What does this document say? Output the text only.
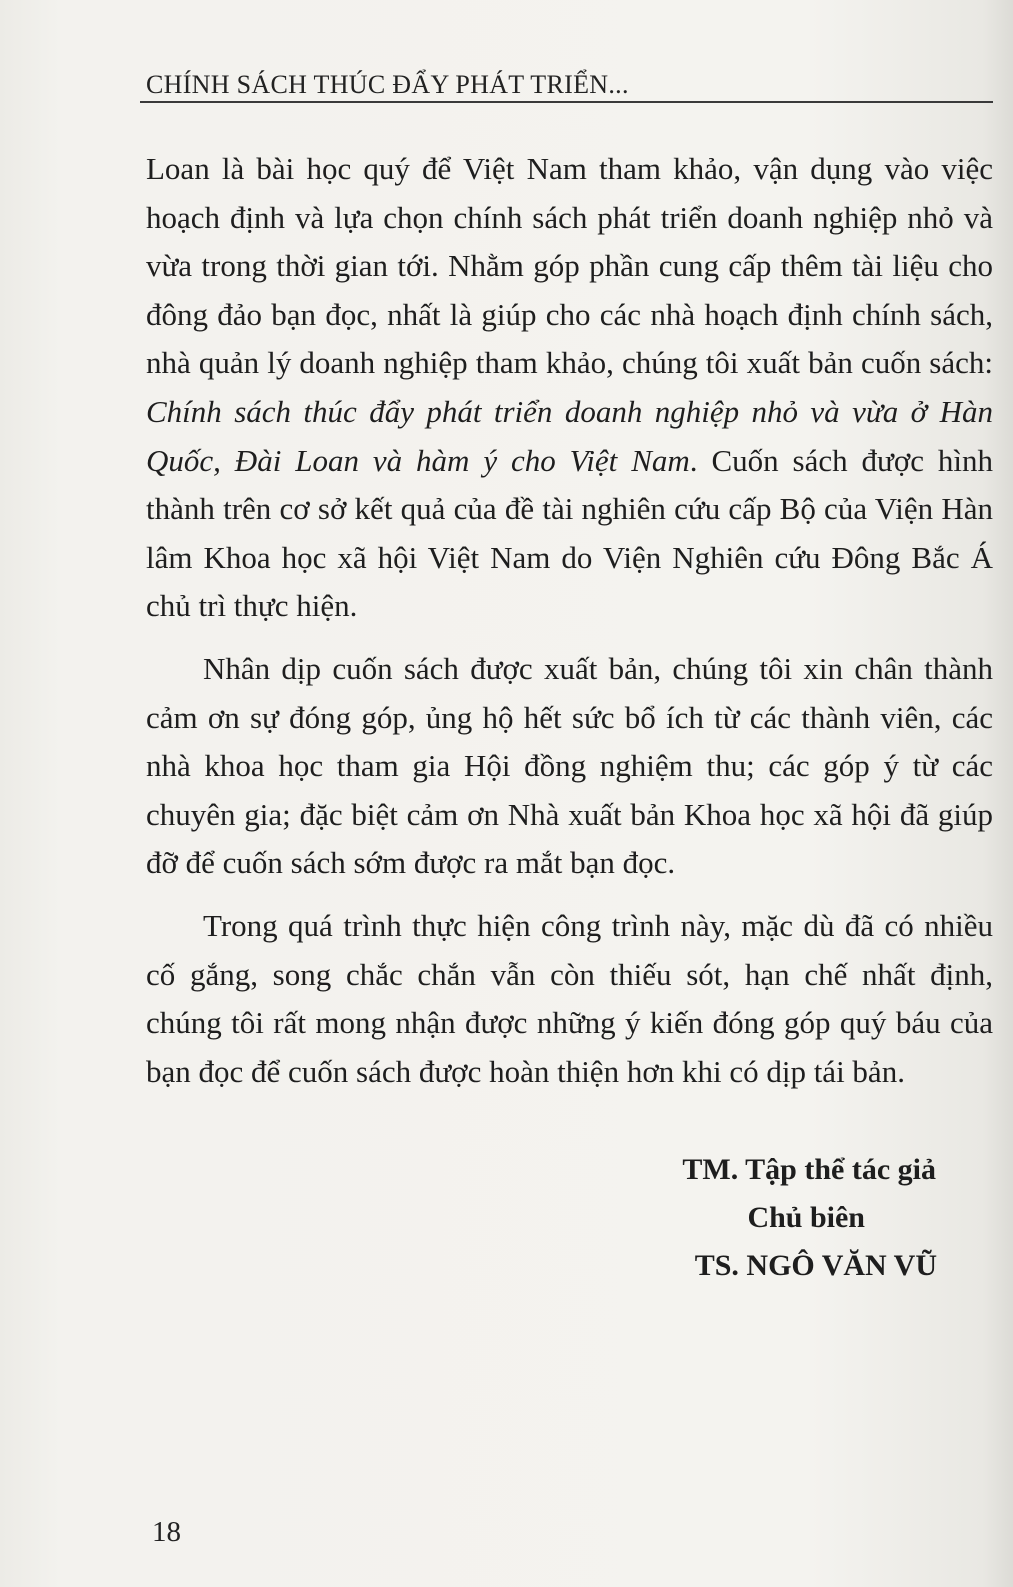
CHÍNH SÁCH THÚC ĐẨY PHÁT TRIỂN...

Loan là bài học quý để Việt Nam tham khảo, vận dụng vào việc hoạch định và lựa chọn chính sách phát triển doanh nghiệp nhỏ và vừa trong thời gian tới. Nhằm góp phần cung cấp thêm tài liệu cho đông đảo bạn đọc, nhất là giúp cho các nhà hoạch định chính sách, nhà quản lý doanh nghiệp tham khảo, chúng tôi xuất bản cuốn sách: Chính sách thúc đẩy phát triển doanh nghiệp nhỏ và vừa ở Hàn Quốc, Đài Loan và hàm ý cho Việt Nam. Cuốn sách được hình thành trên cơ sở kết quả của đề tài nghiên cứu cấp Bộ của Viện Hàn lâm Khoa học xã hội Việt Nam do Viện Nghiên cứu Đông Bắc Á chủ trì thực hiện.

Nhân dịp cuốn sách được xuất bản, chúng tôi xin chân thành cảm ơn sự đóng góp, ủng hộ hết sức bổ ích từ các thành viên, các nhà khoa học tham gia Hội đồng nghiệm thu; các góp ý từ các chuyên gia; đặc biệt cảm ơn Nhà xuất bản Khoa học xã hội đã giúp đỡ để cuốn sách sớm được ra mắt bạn đọc.

Trong quá trình thực hiện công trình này, mặc dù đã có nhiều cố gắng, song chắc chắn vẫn còn thiếu sót, hạn chế nhất định, chúng tôi rất mong nhận được những ý kiến đóng góp quý báu của bạn đọc để cuốn sách được hoàn thiện hơn khi có dịp tái bản.

TM. Tập thể tác giả
Chủ biên
TS. NGÔ VĂN VŨ
18
